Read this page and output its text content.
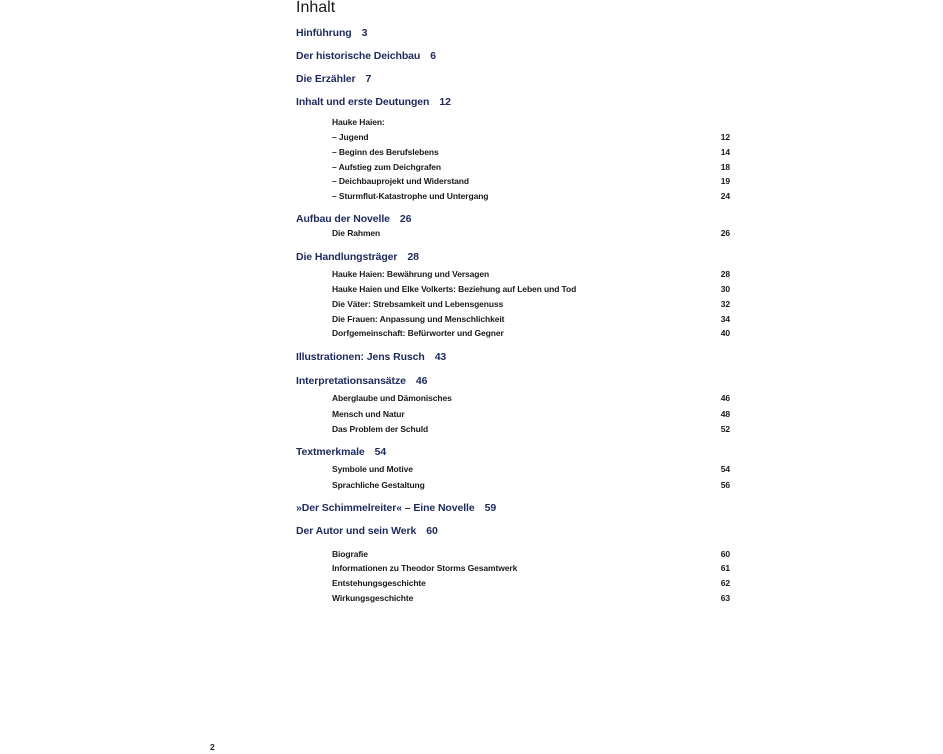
Inhalt
Hinführung 3
Der historische Deichbau 6
Die Erzähler 7
Inhalt und erste Deutungen 12
Hauke Haien:
– Jugend	12
– Beginn des Berufslebens	14
– Aufstieg zum Deichgrafen	18
– Deichbauprojekt und Widerstand	19
– Sturmflut-Katastrophe und Untergang	24
Aufbau der Novelle 26
Die Rahmen	26
Die Handlungsträger 28
Hauke Haien: Bewährung und Versagen	28
Hauke Haien und Elke Volkerts: Beziehung auf Leben und Tod	30
Die Väter: Strebsamkeit und Lebensgenuss	32
Die Frauen: Anpassung und Menschlichkeit	34
Dorfgemeinschaft: Befürworter und Gegner	40
Illustrationen: Jens Rusch 43
Interpretationsansätze 46
Aberglaube und Dämonisches	46
Mensch und Natur	48
Das Problem der Schuld	52
Textmerkmale 54
Symbole und Motive	54
Sprachliche Gestaltung	56
»Der Schimmelreiter« – Eine Novelle 59
Der Autor und sein Werk 60
Biografie	60
Informationen zu Theodor Storms Gesamtwerk	61
Entstehungsgeschichte	62
Wirkungsgeschichte	63
2
